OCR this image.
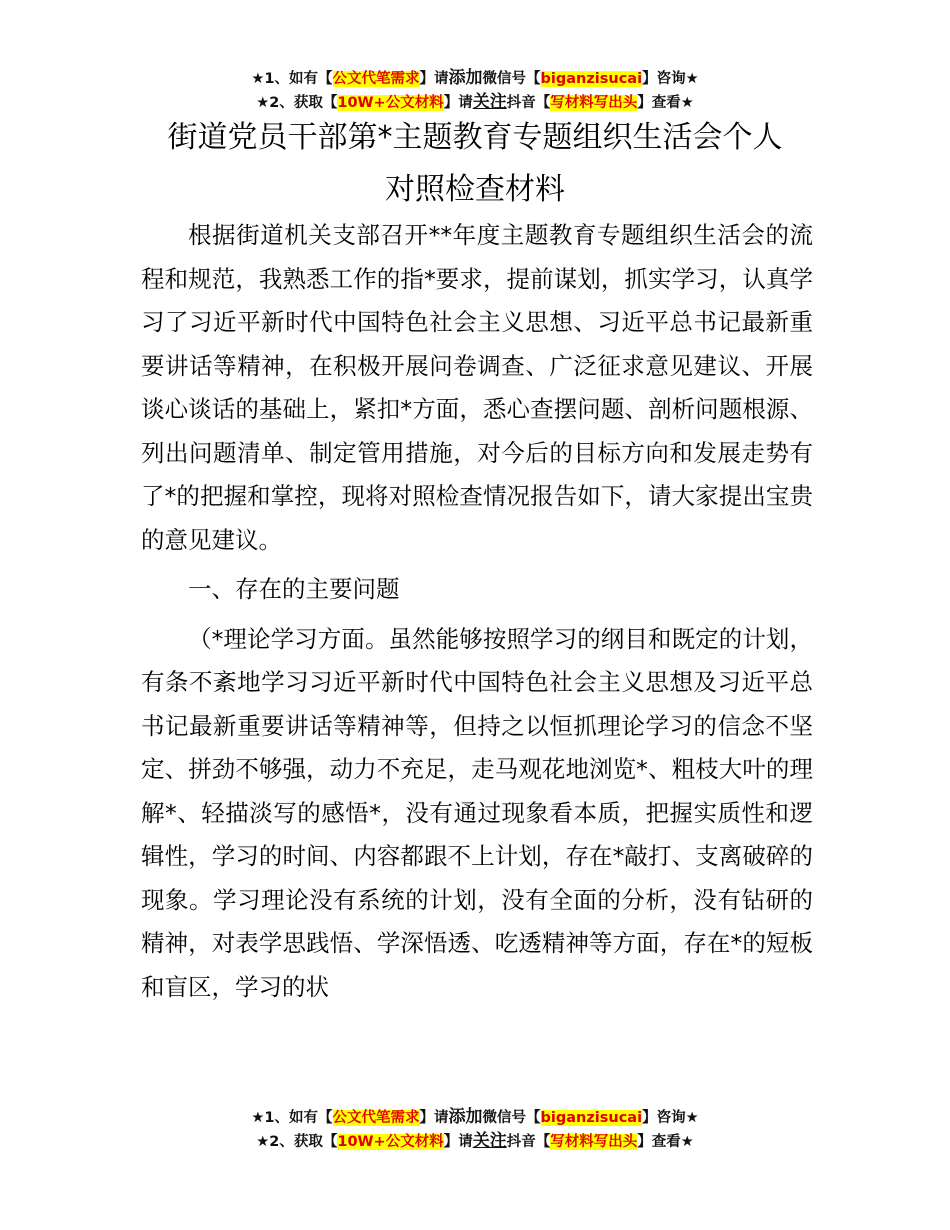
★1、如有【公文代笔需求】请添加微信号【biganzisucai】咨询★
★2、获取【10W+公文材料】请关注抖音【写材料写出头】查看★
街道党员干部第*主题教育专题组织生活会个人
对照检查材料

根据街道机关支部召开**年度主题教育专题组织生活会的流程和规范，我熟悉工作的指*要求，提前谋划，抓实学习，认真学习了习近平新时代中国特色社会主义思想、习近平总书记最新重要讲话等精神，在积极开展问卷调查、广泛征求意见建议、开展谈心谈话的基础上，紧扣*方面，悉心查摆问题、剖析问题根源、列出问题清单、制定管用措施，对今后的目标方向和发展走势有了*的把握和掌控，现将对照检查情况报告如下，请大家提出宝贵的意见建议。

一、存在的主要问题

（*理论学习方面。虽然能够按照学习的纲目和既定的计划，有条不紊地学习习近平新时代中国特色社会主义思想及习近平总书记最新重要讲话等精神等，但持之以恒抓理论学习的信念不坚定、拼劲不够强，动力不充足，走马观花地浏览*、粗枝大叶的理解*、轻描淡写的感悟*，没有通过现象看本质，把握实质性和逻辑性，学习的时间、内容都跟不上计划，存在*敲打、支离破碎的现象。学习理论没有系统的计划，没有全面的分析，没有钻研的精神，对表学思践悟、学深悟透、吃透精神等方面，存在*的短板和盲区，学习的状

★1、如有【公文代笔需求】请添加微信号【biganzisucai】咨询★
★2、获取【10W+公文材料】请关注抖音【写材料写出头】查看★
